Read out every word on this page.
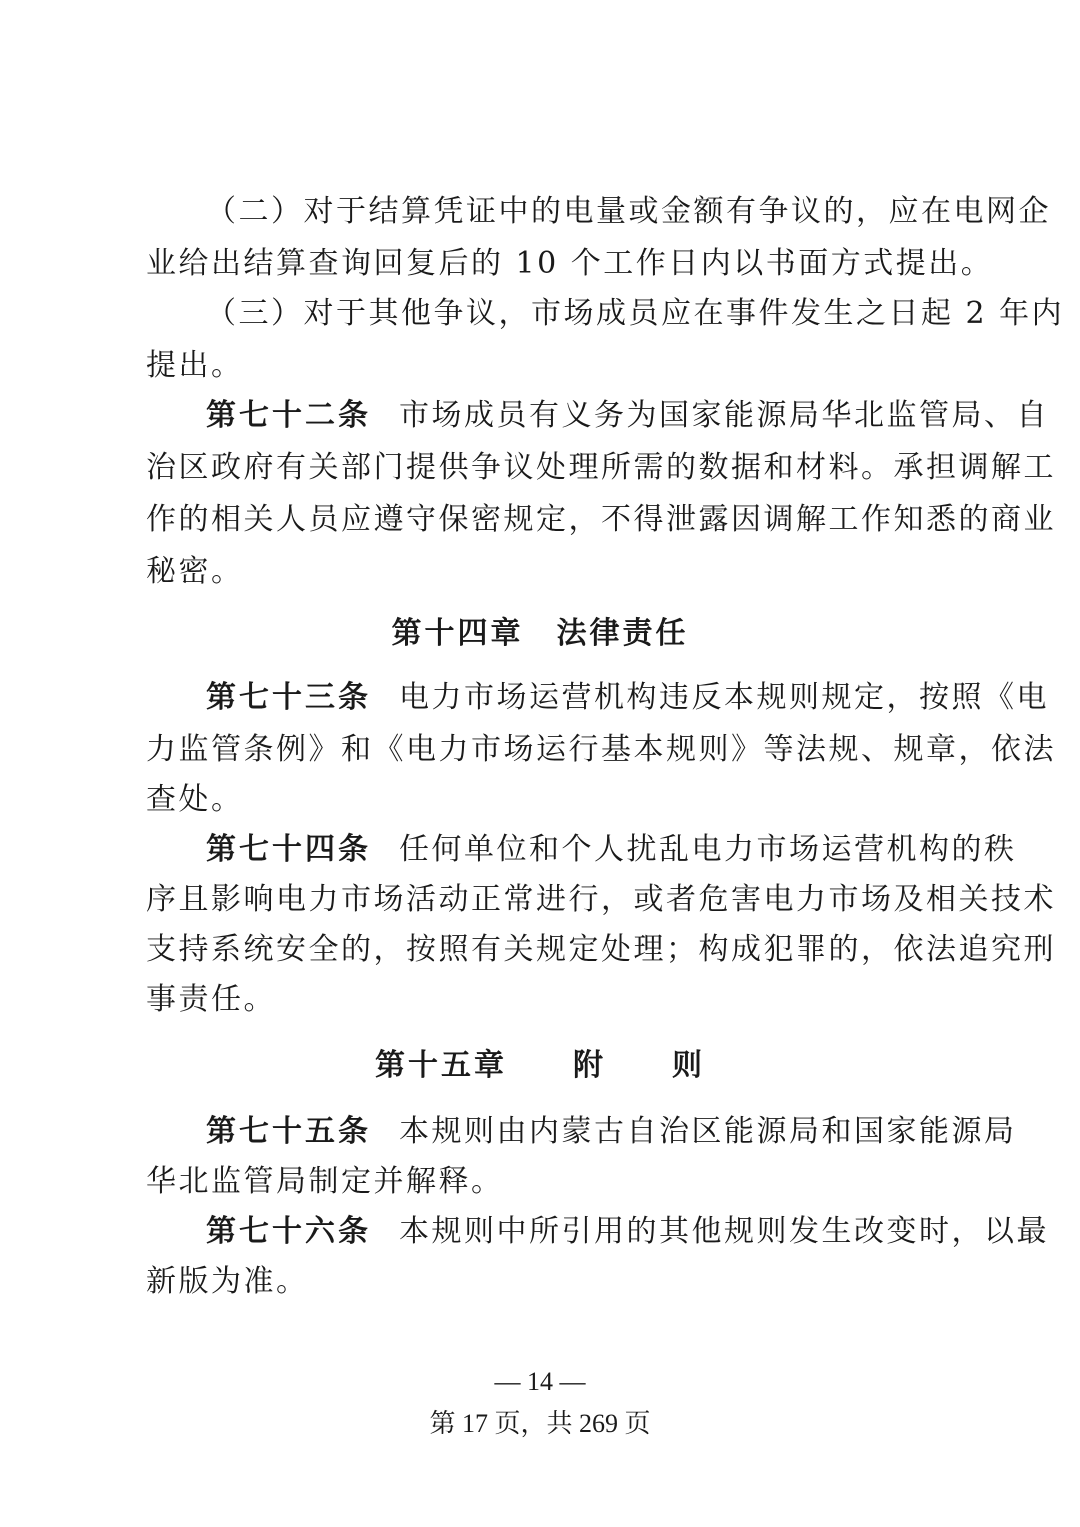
（二）对于结算凭证中的电量或金额有争议的，应在电网企
业给出结算查询回复后的 10 个工作日内以书面方式提出。
（三）对于其他争议，市场成员应在事件发生之日起 2 年内
提出。
第七十二条 市场成员有义务为国家能源局华北监管局、自
治区政府有关部门提供争议处理所需的数据和材料。承担调解工
作的相关人员应遵守保密规定，不得泄露因调解工作知悉的商业
秘密。
第十四章　法律责任
第七十三条 电力市场运营机构违反本规则规定，按照《电
力监管条例》和《电力市场运行基本规则》等法规、规章，依法
查处。
第七十四条 任何单位和个人扰乱电力市场运营机构的秩
序且影响电力市场活动正常进行，或者危害电力市场及相关技术
支持系统安全的，按照有关规定处理；构成犯罪的，依法追究刑
事责任。
第十五章　　附　　则
第七十五条 本规则由内蒙古自治区能源局和国家能源局
华北监管局制定并解释。
第七十六条 本规则中所引用的其他规则发生改变时，以最
新版为准。
— 14 —
第 17 页，共 269 页
